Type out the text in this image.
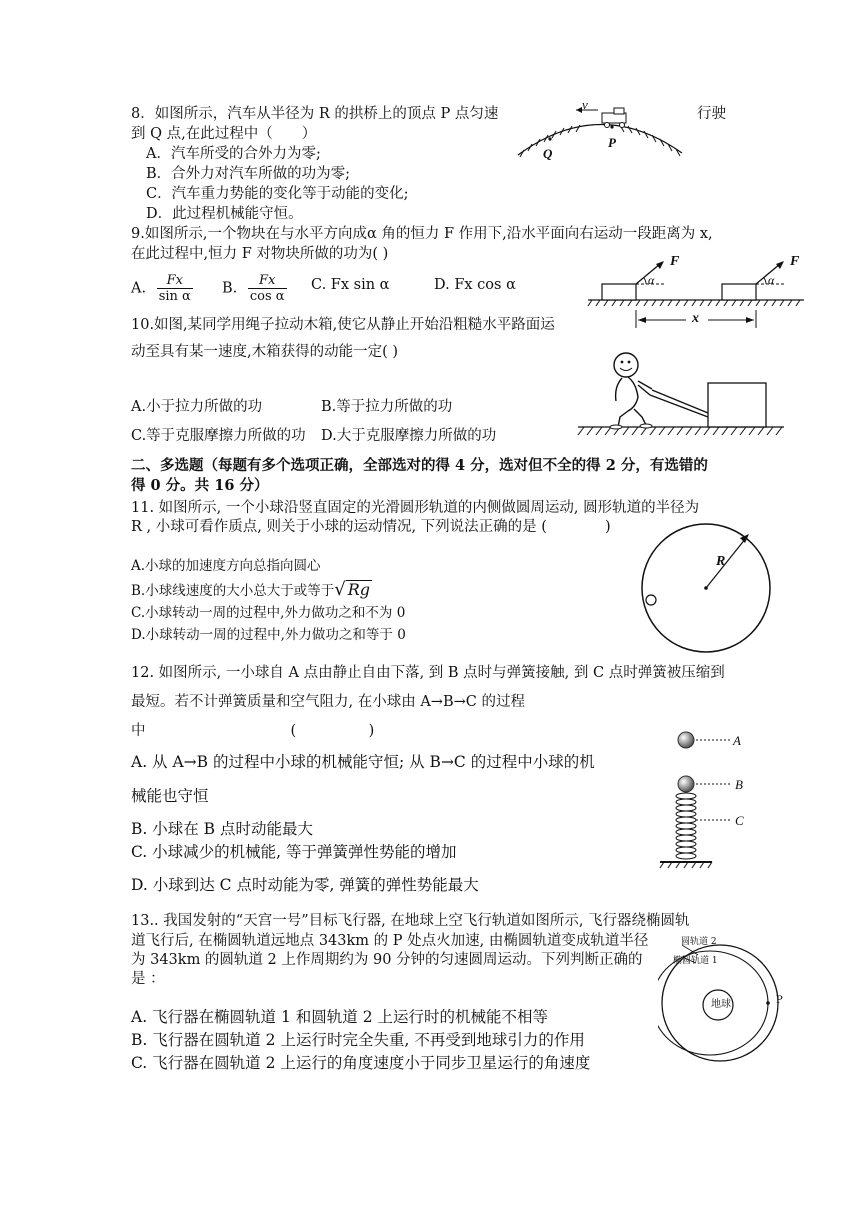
8．如图所示，汽车从半径为 R 的拱桥上的顶点 P 点匀速	行驶
到 Q 点,在此过程中（　　）
A．汽车所受的合外力为零;
B．合外力对汽车所做的功为零;
C．汽车重力势能的变化等于动能的变化;
D．此过程机械能守恒。
v
P
Q
9.如图所示,一个物块在与水平方向成α 角的恒力 F 作用下,沿水平面向右运动一段距离为 x,
在此过程中,恒力 F 对物块所做的功为( )
A. $\frac{Fx}{\text{sin α}} B$. $\frac{Fx}{\text{cos α}} C$. Fx sin α	D. Fx cos α
F	F
α	α
x
10.如图,某同学用绳子拉动木箱,使它从静止开始沿粗糙水平路面运
动至具有某一速度,木箱获得的动能一定( )
A.小于拉力所做的功	B.等于拉力所做的功
C.等于克服摩擦力所做的功 D.大于克服摩擦力所做的功
二、多选题（每题有多个选项正确，全部选对的得 4 分，选对但不全的得 2 分，有选错的
得 0 分。共 16 分）
11. 如图所示, 一个小球沿竖直固定的光滑圆形轨道的内侧做圆周运动, 圆形轨道的半径为
R , 小球可看作质点, 则关于小球的运动情况, 下列说法正确的是 (　　　　)
A.小球的加速度方向总指向圆心
B.小球线速度的大小总大于或等于√ Rg
C.小球转动一周的过程中,外力做功之和不为 0
D.小球转动一周的过程中,外力做功之和等于 0
R
12. 如图所示, 一小球自 A 点由静止自由下落, 到 B 点时与弹簧接触, 到 C 点时弹簧被压缩到
最短。若不计弹簧质量和空气阻力, 在小球由 A→B→C 的过程
中　　　　　　　　　　(　　　　　)
A. 从 A→B 的过程中小球的机械能守恒; 从 B→C 的过程中小球的机
械能也守恒
B. 小球在 B 点时动能最大
C. 小球减少的机械能, 等于弹簧弹性势能的增加
D. 小球到达 C 点时动能为零, 弹簧的弹性势能最大
A
B
C
13.. 我国发射的“天宫一号”目标飞行器, 在地球上空飞行轨道如图所示, 飞行器绕椭圆轨
道飞行后, 在椭圆轨道远地点 343km 的 P 处点火加速, 由椭圆轨道变成轨道半径
为 343km 的圆轨道 2 上作周期约为 90 分钟的匀速圆周运动。下列判断正确的
是 ：
A. 飞行器在椭圆轨道 1 和圆轨道 2 上运行时的机械能不相等
B. 飞行器在圆轨道 2 上运行时完全失重, 不再受到地球引力的作用
C. 飞行器在圆轨道 2 上运行的角度速度小于同步卫星运行的角速度
圆轨道 2
椭圆轨道 1
地球	P
